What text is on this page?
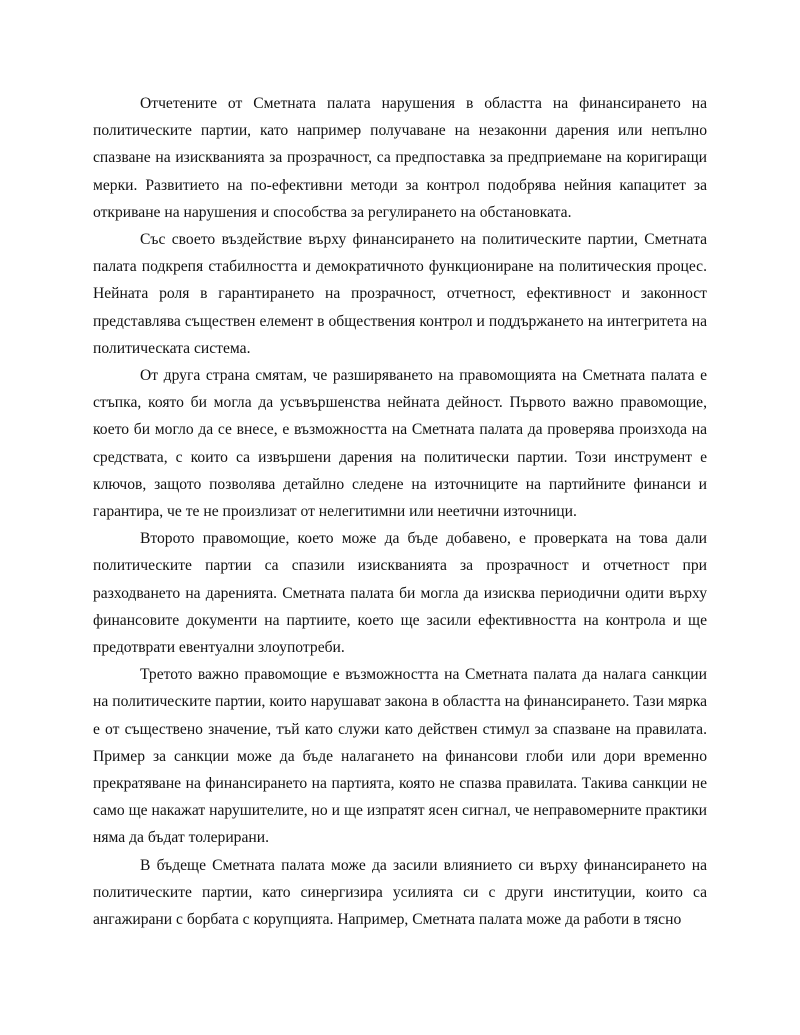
Отчетените от Сметната палата нарушения в областта на финансирането на политическите партии, като например получаване на незаконни дарения или непълно спазване на изискванията за прозрачност, са предпоставка за предприемане на коригиращи мерки. Развитието на по-ефективни методи за контрол подобрява нейния капацитет за откриване на нарушения и способства за регулирането на обстановката.

Със своето въздействие върху финансирането на политическите партии, Сметната палата подкрепя стабилността и демократичното функциониране на политическия процес. Нейната роля в гарантирането на прозрачност, отчетност, ефективност и законност представлява съществен елемент в обществения контрол и поддържането на интегритета на политическата система.

От друга страна смятам, че разширяването на правомощията на Сметната палата е стъпка, която би могла да усъвършенства нейната дейност. Първото важно правомощие, което би могло да се внесе, е възможността на Сметната палата да проверява произхода на средствата, с които са извършени дарения на политически партии. Този инструмент е ключов, защото позволява детайлно следене на източниците на партийните финанси и гарантира, че те не произлизат от нелегитимни или неетични източници.

Второто правомощие, което може да бъде добавено, е проверката на това дали политическите партии са спазили изискванията за прозрачност и отчетност при разходването на даренията. Сметната палата би могла да изисква периодични одити върху финансовите документи на партиите, което ще засили ефективността на контрола и ще предотврати евентуални злоупотреби.

Третото важно правомощие е възможността на Сметната палата да налага санкции на политическите партии, които нарушават закона в областта на финансирането. Тази мярка е от съществено значение, тъй като служи като действен стимул за спазване на правилата. Пример за санкции може да бъде налагането на финансови глоби или дори временно прекратяване на финансирането на партията, която не спазва правилата. Такива санкции не само ще накажат нарушителите, но и ще изпратят ясен сигнал, че неправомерните практики няма да бъдат толерирани.

В бъдеще Сметната палата може да засили влиянието си върху финансирането на политическите партии, като синергизира усилията си с други институции, които са ангажирани с борбата с корупцията. Например, Сметната палата може да работи в тясно
